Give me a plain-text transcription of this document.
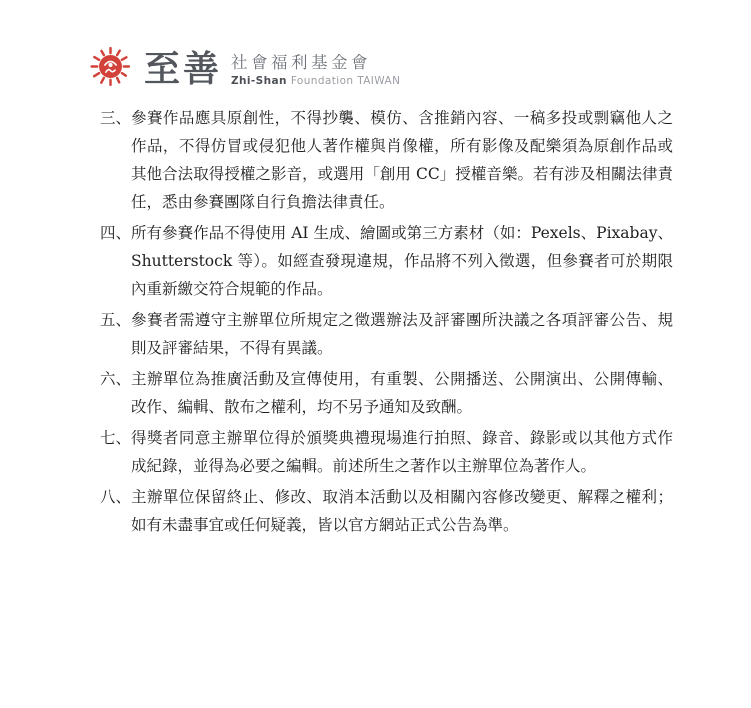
至善 社會福利基金會
Zhi-Shan Foundation TAIWAN
三、 參賽作品應具原創性，不得抄襲、模仿、含推銷內容、一稿多投或剽竊他人之作品，不得仿冒或侵犯他人著作權與肖像權，所有影像及配樂須為原創作品或其他合法取得授權之影音，或選用「創用 CC」授權音樂。若有涉及相關法律責任，悉由參賽團隊自行負擔法律責任。
四、 所有參賽作品不得使用 AI 生成、繪圖或第三方素材（如：Pexels、Pixabay、Shutterstock 等）。如經查發現違規，作品將不列入徵選，但參賽者可於期限內重新繳交符合規範的作品。
五、 參賽者需遵守主辦單位所規定之徵選辦法及評審團所決議之各項評審公告、規則及評審結果，不得有異議。
六、 主辦單位為推廣活動及宣傳使用，有重製、公開播送、公開演出、公開傳輸、改作、編輯、散布之權利，均不另予通知及致酬。
七、 得獎者同意主辦單位得於頒獎典禮現場進行拍照、錄音、錄影或以其他方式作成紀錄，並得為必要之編輯。前述所生之著作以主辦單位為著作人。
八、 主辦單位保留終止、修改、取消本活動以及相關內容修改變更、解釋之權利；如有未盡事宜或任何疑義，皆以官方網站正式公告為準。
